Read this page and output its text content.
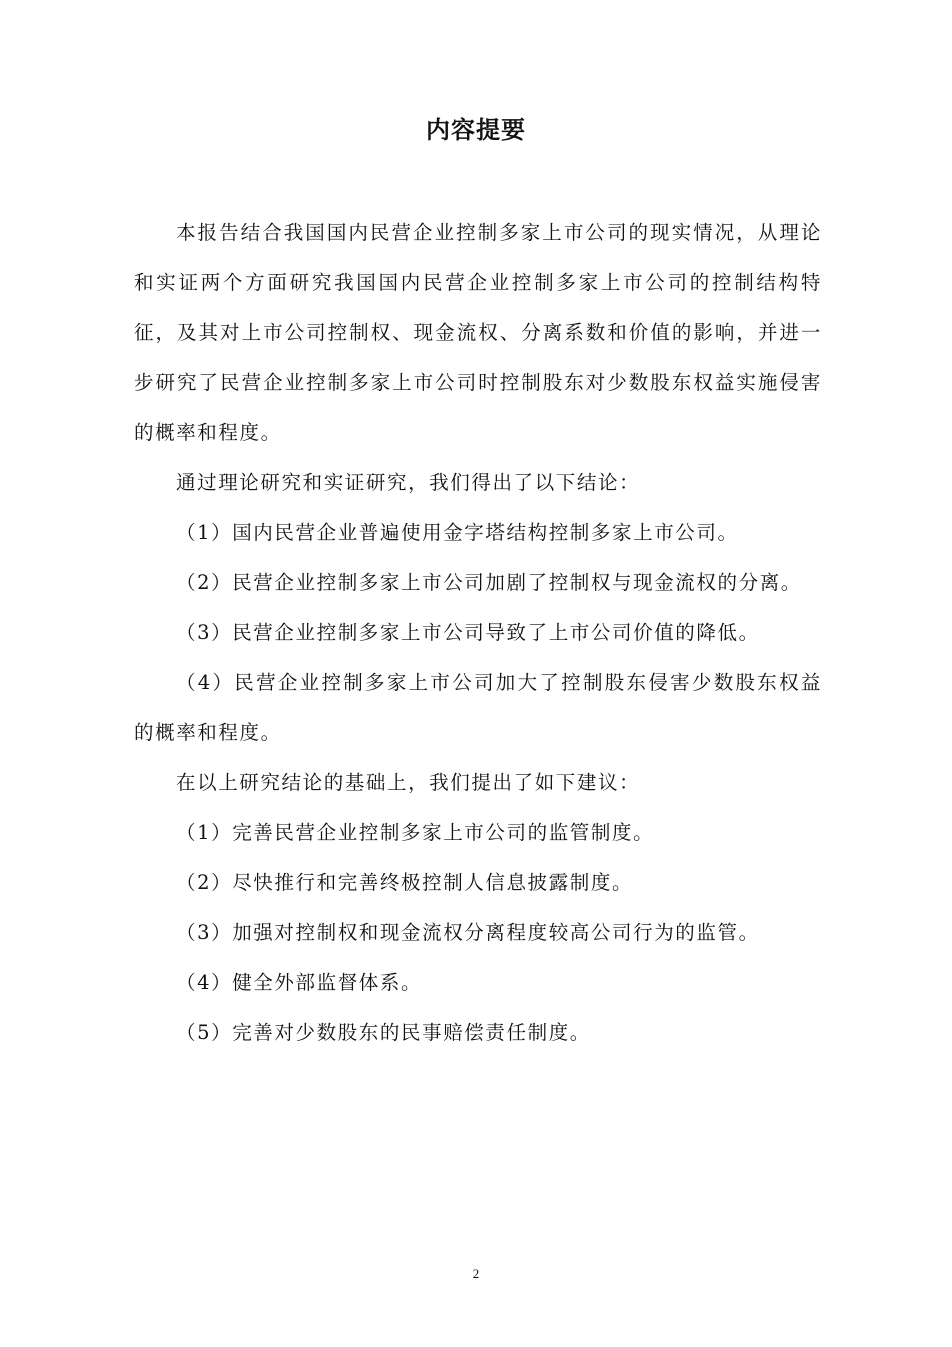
内容提要

本报告结合我国国内民营企业控制多家上市公司的现实情况，从理论和实证两个方面研究我国国内民营企业控制多家上市公司的控制结构特征，及其对上市公司控制权、现金流权、分离系数和价值的影响，并进一步研究了民营企业控制多家上市公司时控制股东对少数股东权益实施侵害的概率和程度。

通过理论研究和实证研究，我们得出了以下结论：

（1）国内民营企业普遍使用金字塔结构控制多家上市公司。

（2）民营企业控制多家上市公司加剧了控制权与现金流权的分离。

（3）民营企业控制多家上市公司导致了上市公司价值的降低。

（4）民营企业控制多家上市公司加大了控制股东侵害少数股东权益的概率和程度。

在以上研究结论的基础上，我们提出了如下建议：

（1）完善民营企业控制多家上市公司的监管制度。

（2）尽快推行和完善终极控制人信息披露制度。

（3）加强对控制权和现金流权分离程度较高公司行为的监管。

（4）健全外部监督体系。

（5）完善对少数股东的民事赔偿责任制度。

2
